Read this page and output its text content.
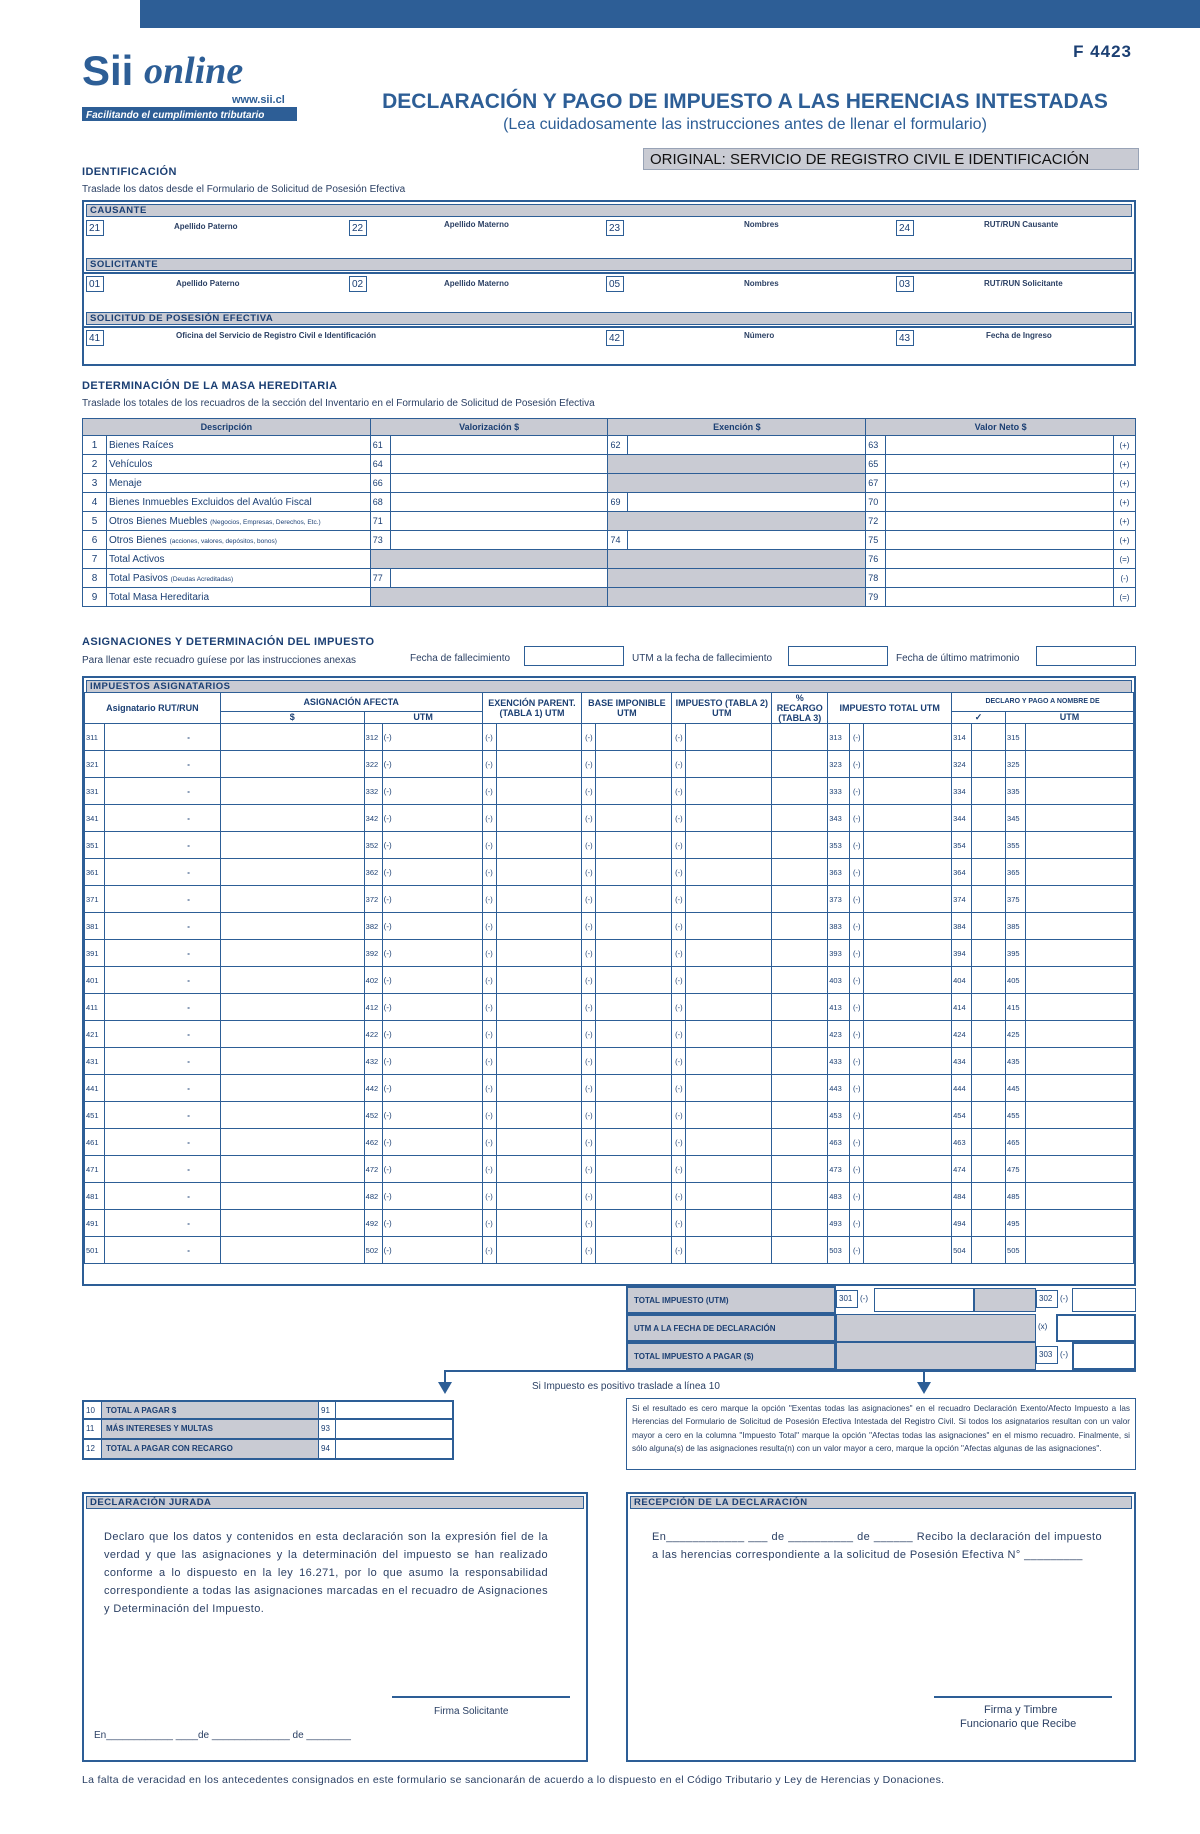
F 4423
Sii online
www.sii.cl
Facilitando el cumplimiento tributario
DECLARACIÓN Y PAGO DE IMPUESTO A LAS HERENCIAS INTESTADAS
(Lea cuidadosamente las instrucciones antes de llenar el formulario)
ORIGINAL: SERVICIO DE REGISTRO CIVIL E IDENTIFICACIÓN
IDENTIFICACIÓN
Traslade los datos desde el Formulario de Solicitud de Posesión Efectiva
CAUSANTE
21	Apellido Paterno	22	Apellido Materno	23	Nombres	24	RUT/RUN Causante
SOLICITANTE
01	Apellido Paterno	02	Apellido Materno	05	Nombres	03	RUT/RUN Solicitante
SOLICITUD DE POSESIÓN EFECTIVA
41	Oficina del Servicio de Registro Civil e Identificación	42	Número	43	Fecha de Ingreso
DETERMINACIÓN DE LA MASA HEREDITARIA
Traslade los totales de los recuadros de la sección del Inventario en el Formulario de Solicitud de Posesión Efectiva
Descripción		Valorización $		Exención $		Valor Neto $		
1	Bienes Raíces	61		62		63		(+)
2	Vehículos	64				65		(+)
3	Menaje	66				67		(+)
4	Bienes Inmuebles Excluidos del Avalúo Fiscal	68		69		70		(+)
5	Otros Bienes Muebles (Negocios, Empresas, Derechos, Etc.)	71				72		(+)
6	Otros Bienes (acciones, valores, depósitos, bonos)	73		74		75		(+)
7	Total Activos					76		(=)
8	Total Pasivos (Deudas Acreditadas)	77				78		(-)
9	Total Masa Hereditaria					79		(=)
ASIGNACIONES Y DETERMINACIÓN DEL IMPUESTO
Para llenar este recuadro guíese por las instrucciones anexas	Fecha de fallecimiento	UTM a la fecha de fallecimiento	Fecha de último matrimonio
IMPUESTOS ASIGNATARIOS
Asignatario RUT/RUN		ASIGNACIÓN AFECTA			EXENCIÓN PARENT. (TABLA 1) UTM		BASE IMPONIBLE UTM		IMPUESTO (TABLA 2) UTM		% RECARGO (TABLA 3)	IMPUESTO TOTAL UTM			DECLARO Y PAGO A NOMBRE DE			
		$	UTM												✓		UTM	
311	-		312	(-)	(-)		(-)		(-)			313	(-)		314		315	
321	-		322	(-)	(-)		(-)		(-)			323	(-)		324		325	
331	-		332	(-)	(-)		(-)		(-)			333	(-)		334		335	
341	-		342	(-)	(-)		(-)		(-)			343	(-)		344		345	
351	-		352	(-)	(-)		(-)		(-)			353	(-)		354		355	
361	-		362	(-)	(-)		(-)		(-)			363	(-)		364		365	
371	-		372	(-)	(-)		(-)		(-)			373	(-)		374		375	
381	-		382	(-)	(-)		(-)		(-)			383	(-)		384		385	
391	-		392	(-)	(-)		(-)		(-)			393	(-)		394		395	
401	-		402	(-)	(-)		(-)		(-)			403	(-)		404		405	
411	-		412	(-)	(-)		(-)		(-)			413	(-)		414		415	
421	-		422	(-)	(-)		(-)		(-)			423	(-)		424		425	
431	-		432	(-)	(-)		(-)		(-)			433	(-)		434		435	
441	-		442	(-)	(-)		(-)		(-)			443	(-)		444		445	
451	-		452	(-)	(-)		(-)		(-)			453	(-)		454		455	
461	-		462	(-)	(-)		(-)		(-)			463	(-)		463		465	
471	-		472	(-)	(-)		(-)		(-)			473	(-)		474		475	
481	-		482	(-)	(-)		(-)		(-)			483	(-)		484		485	
491	-		492	(-)	(-)		(-)		(-)			493	(-)		494		495	
501	-		502	(-)	(-)		(-)		(-)			503	(-)		504		505	
TOTAL IMPUESTO (UTM)	301 (-)	302 (-)
UTM A LA FECHA DE DECLARACIÓN	(x)
TOTAL IMPUESTO A PAGAR ($)	303 (-)
Si Impuesto es positivo traslade a línea 10
10	TOTAL A PAGAR $	91
11	MÁS INTERESES Y MULTAS	93
12	TOTAL A PAGAR CON RECARGO	94
Si el resultado es cero marque la opción "Exentas todas las asignaciones" en el recuadro Declaración Exento/Afecto Impuesto a las Herencias del Formulario de Solicitud de Posesión Efectiva Intestada del Registro Civil. Si todos los asignatarios resultan con un valor mayor a cero en la columna "Impuesto Total" marque la opción "Afectas todas las asignaciones" en el mismo recuadro. Finalmente, si sólo alguna(s) de las asignaciones resulta(n) con un valor mayor a cero, marque la opción "Afectas algunas de las asignaciones".
DECLARACIÓN JURADA
Declaro que los datos y contenidos en esta declaración son la expresión fiel de la verdad y que las asignaciones y la determinación del impuesto se han realizado conforme a lo dispuesto en la ley 16.271, por lo que asumo la responsabilidad correspondiente a todas las asignaciones marcadas en el recuadro de Asignaciones y Determinación del Impuesto.
Firma Solicitante
En____________ ____de ______________ de ________
RECEPCIÓN DE LA DECLARACIÓN
En____________ ___ de __________ de ______ Recibo la declaración del impuesto a las herencias correspondiente a la solicitud de Posesión Efectiva N° _________
Firma y Timbre
Funcionario que Recibe
La falta de veracidad en los antecedentes consignados en este formulario se sancionarán de acuerdo a lo dispuesto en el Código Tributario y Ley de Herencias y Donaciones.
